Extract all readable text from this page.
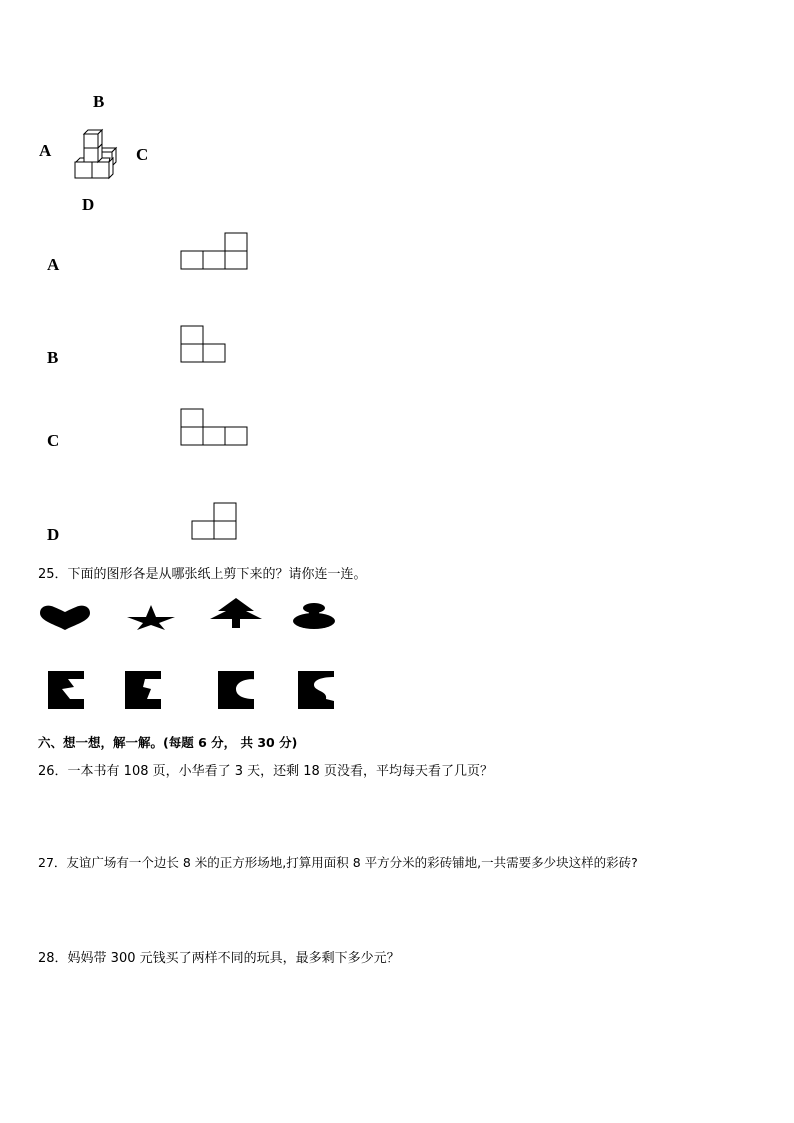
B
A	C
D
A
B
C
D
25．下面的图形各是从哪张纸上剪下来的？请你连一连。
六、想一想，解一解。(每题 6 分， 共 30 分)
26．一本书有 108 页，小华看了 3 天，还剩 18 页没看，平均每天看了几页？
27．友谊广场有一个边长 8 米的正方形场地,打算用面积 8 平方分米的彩砖铺地,一共需要多少块这样的彩砖?
28．妈妈带 300 元钱买了两样不同的玩具，最多剩下多少元？
